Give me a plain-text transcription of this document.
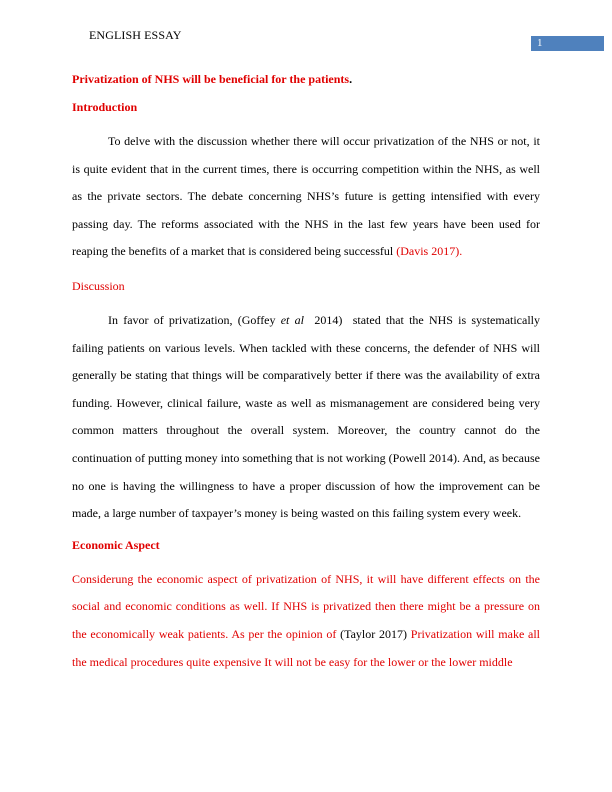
ENGLISH ESSAY
1
Privatization of NHS will be beneficial for the patients.
Introduction

To delve with the discussion whether there will occur privatization of the NHS or not, it is quite evident that in the current times, there is occurring competition within the NHS, as well as the private sectors. The debate concerning NHS’s future is getting intensified with every passing day. The reforms associated with the NHS in the last few years have been used for reaping the benefits of a market that is considered being successful (Davis 2017).

Discussion

In favor of privatization, (Goffey et al  2014)  stated that the NHS is systematically failing patients on various levels. When tackled with these concerns, the defender of NHS will generally be stating that things will be comparatively better if there was the availability of extra funding. However, clinical failure, waste as well as mismanagement are considered being very common matters throughout the overall system. Moreover, the country cannot do the continuation of putting money into something that is not working (Powell 2014). And, as because no one is having the willingness to have a proper discussion of how the improvement can be made, a large number of taxpayer’s money is being wasted on this failing system every week.

Economic Aspect

Considerung the economic aspect of privatization of NHS, it will have different effects on the social and economic conditions as well. If NHS is privatized then there might be a pressure on the economically weak patients. As per the opinion of (Taylor 2017) Privatization will make all the medical procedures quite expensive It will not be easy for the lower or the lower middle
